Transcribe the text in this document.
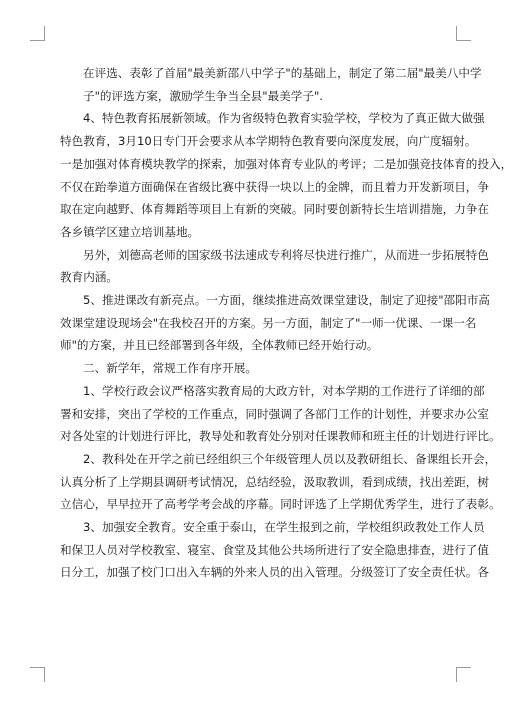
在评选、表彰了首届"最美新邵八中学子"的基础上，制定了第二届"最美八中学
子"的评选方案，激励学生争当全县"最美学子".

4、特色教育拓展新领域。作为省级特色教育实验学校，学校为了真正做大做强

特色教育，3月10日专门开会要求从本学期特色教育要向深度发展，向广度辐射。
一是加强对体育模块教学的探索，加强对体育专业队的考评；二是加强竞技体育的投入，
不仅在跆拳道方面确保在省级比赛中获得一块以上的金牌，而且着力开发新项目，争
取在定向越野、体育舞蹈等项目上有新的突破。同时要创新特长生培训措施，力争在
各乡镇学区建立培训基地。

另外，刘德高老师的国家级书法速成专利将尽快进行推广，从而进一步拓展特色

教育内涵。

5、推进课改有新亮点。一方面，继续推进高效课堂建设，制定了迎接"邵阳市高

效课堂建设现场会"在我校召开的方案。另一方面，制定了"一师一优课、一课一名
师"的方案，并且已经部署到各年级，全体教师已经开始行动。

二、新学年，常规工作有序开展。

1、学校行政会议严格落实教育局的大政方针，对本学期的工作进行了详细的部

署和安排，突出了学校的工作重点，同时强调了各部门工作的计划性，并要求办公室
对各处室的计划进行评比，教导处和教育处分别对任课教师和班主任的计划进行评比。

2、教科处在开学之前已经组织三个年级管理人员以及教研组长、备课组长开会，

认真分析了上学期县调研考试情况，总结经验，汲取教训，看到成绩，找出差距，树
立信心，早早拉开了高考学考会战的序幕。同时评选了上学期优秀学生，进行了表彰。

3、加强安全教育。安全重于泰山，在学生报到之前，学校组织政教处工作人员

和保卫人员对学校教室、寝室、食堂及其他公共场所进行了安全隐患排查，进行了值
日分工，加强了校门口出入车辆的外来人员的出入管理。分级签订了安全责任状。各
